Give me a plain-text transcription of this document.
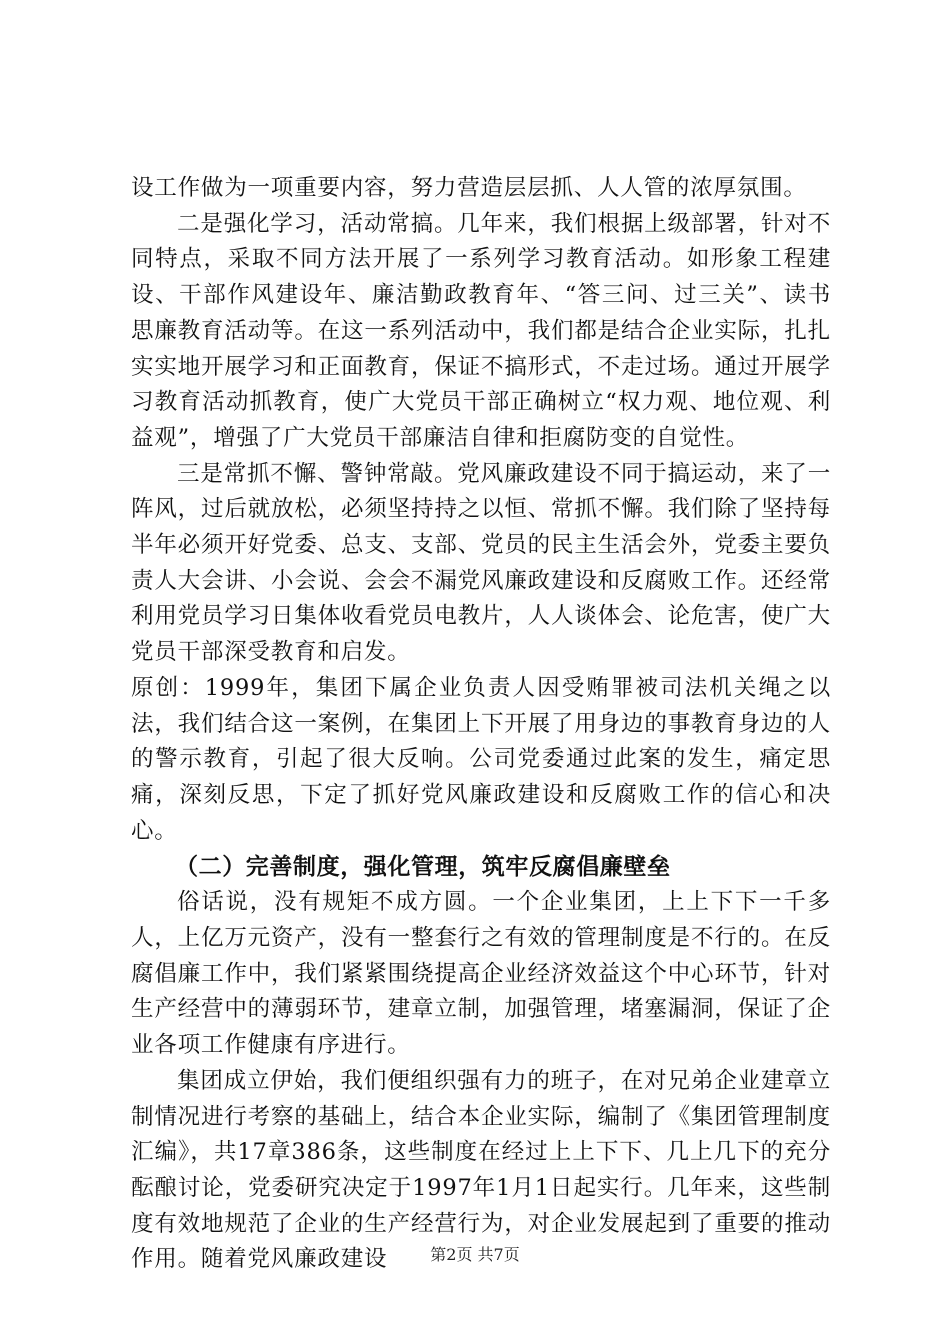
设工作做为一项重要内容，努力营造层层抓、人人管的浓厚氛围。

二是强化学习，活动常搞。几年来，我们根据上级部署，针对不同特点，采取不同方法开展了一系列学习教育活动。如形象工程建设、干部作风建设年、廉洁勤政教育年、“答三问、过三关”、读书思廉教育活动等。在这一系列活动中，我们都是结合企业实际，扎扎实实地开展学习和正面教育，保证不搞形式，不走过场。通过开展学习教育活动抓教育，使广大党员干部正确树立“权力观、地位观、利益观”，增强了广大党员干部廉洁自律和拒腐防变的自觉性。

三是常抓不懈、警钟常敲。党风廉政建设不同于搞运动，来了一阵风，过后就放松，必须坚持持之以恒、常抓不懈。我们除了坚持每半年必须开好党委、总支、支部、党员的民主生活会外，党委主要负责人大会讲、小会说、会会不漏党风廉政建设和反腐败工作。还经常利用党员学习日集体收看党员电教片，人人谈体会、论危害，使广大党员干部深受教育和启发。

原创：1999年，集团下属企业负责人因受贿罪被司法机关绳之以法，我们结合这一案例，在集团上下开展了用身边的事教育身边的人的警示教育，引起了很大反响。公司党委通过此案的发生，痛定思痛，深刻反思，下定了抓好党风廉政建设和反腐败工作的信心和决心。

（二）完善制度，强化管理，筑牢反腐倡廉壁垒

俗话说，没有规矩不成方圆。一个企业集团，上上下下一千多人，上亿万元资产，没有一整套行之有效的管理制度是不行的。在反腐倡廉工作中，我们紧紧围绕提高企业经济效益这个中心环节，针对生产经营中的薄弱环节，建章立制，加强管理，堵塞漏洞，保证了企业各项工作健康有序进行。

集团成立伊始，我们便组织强有力的班子，在对兄弟企业建章立制情况进行考察的基础上，结合本企业实际，编制了《集团管理制度汇编》，共17章386条，这些制度在经过上上下下、几上几下的充分酝酿讨论，党委研究决定于1997年1月1日起实行。几年来，这些制度有效地规范了企业的生产经营行为，对企业发展起到了重要的推动作用。随着党风廉政建设	第2页 共7页
